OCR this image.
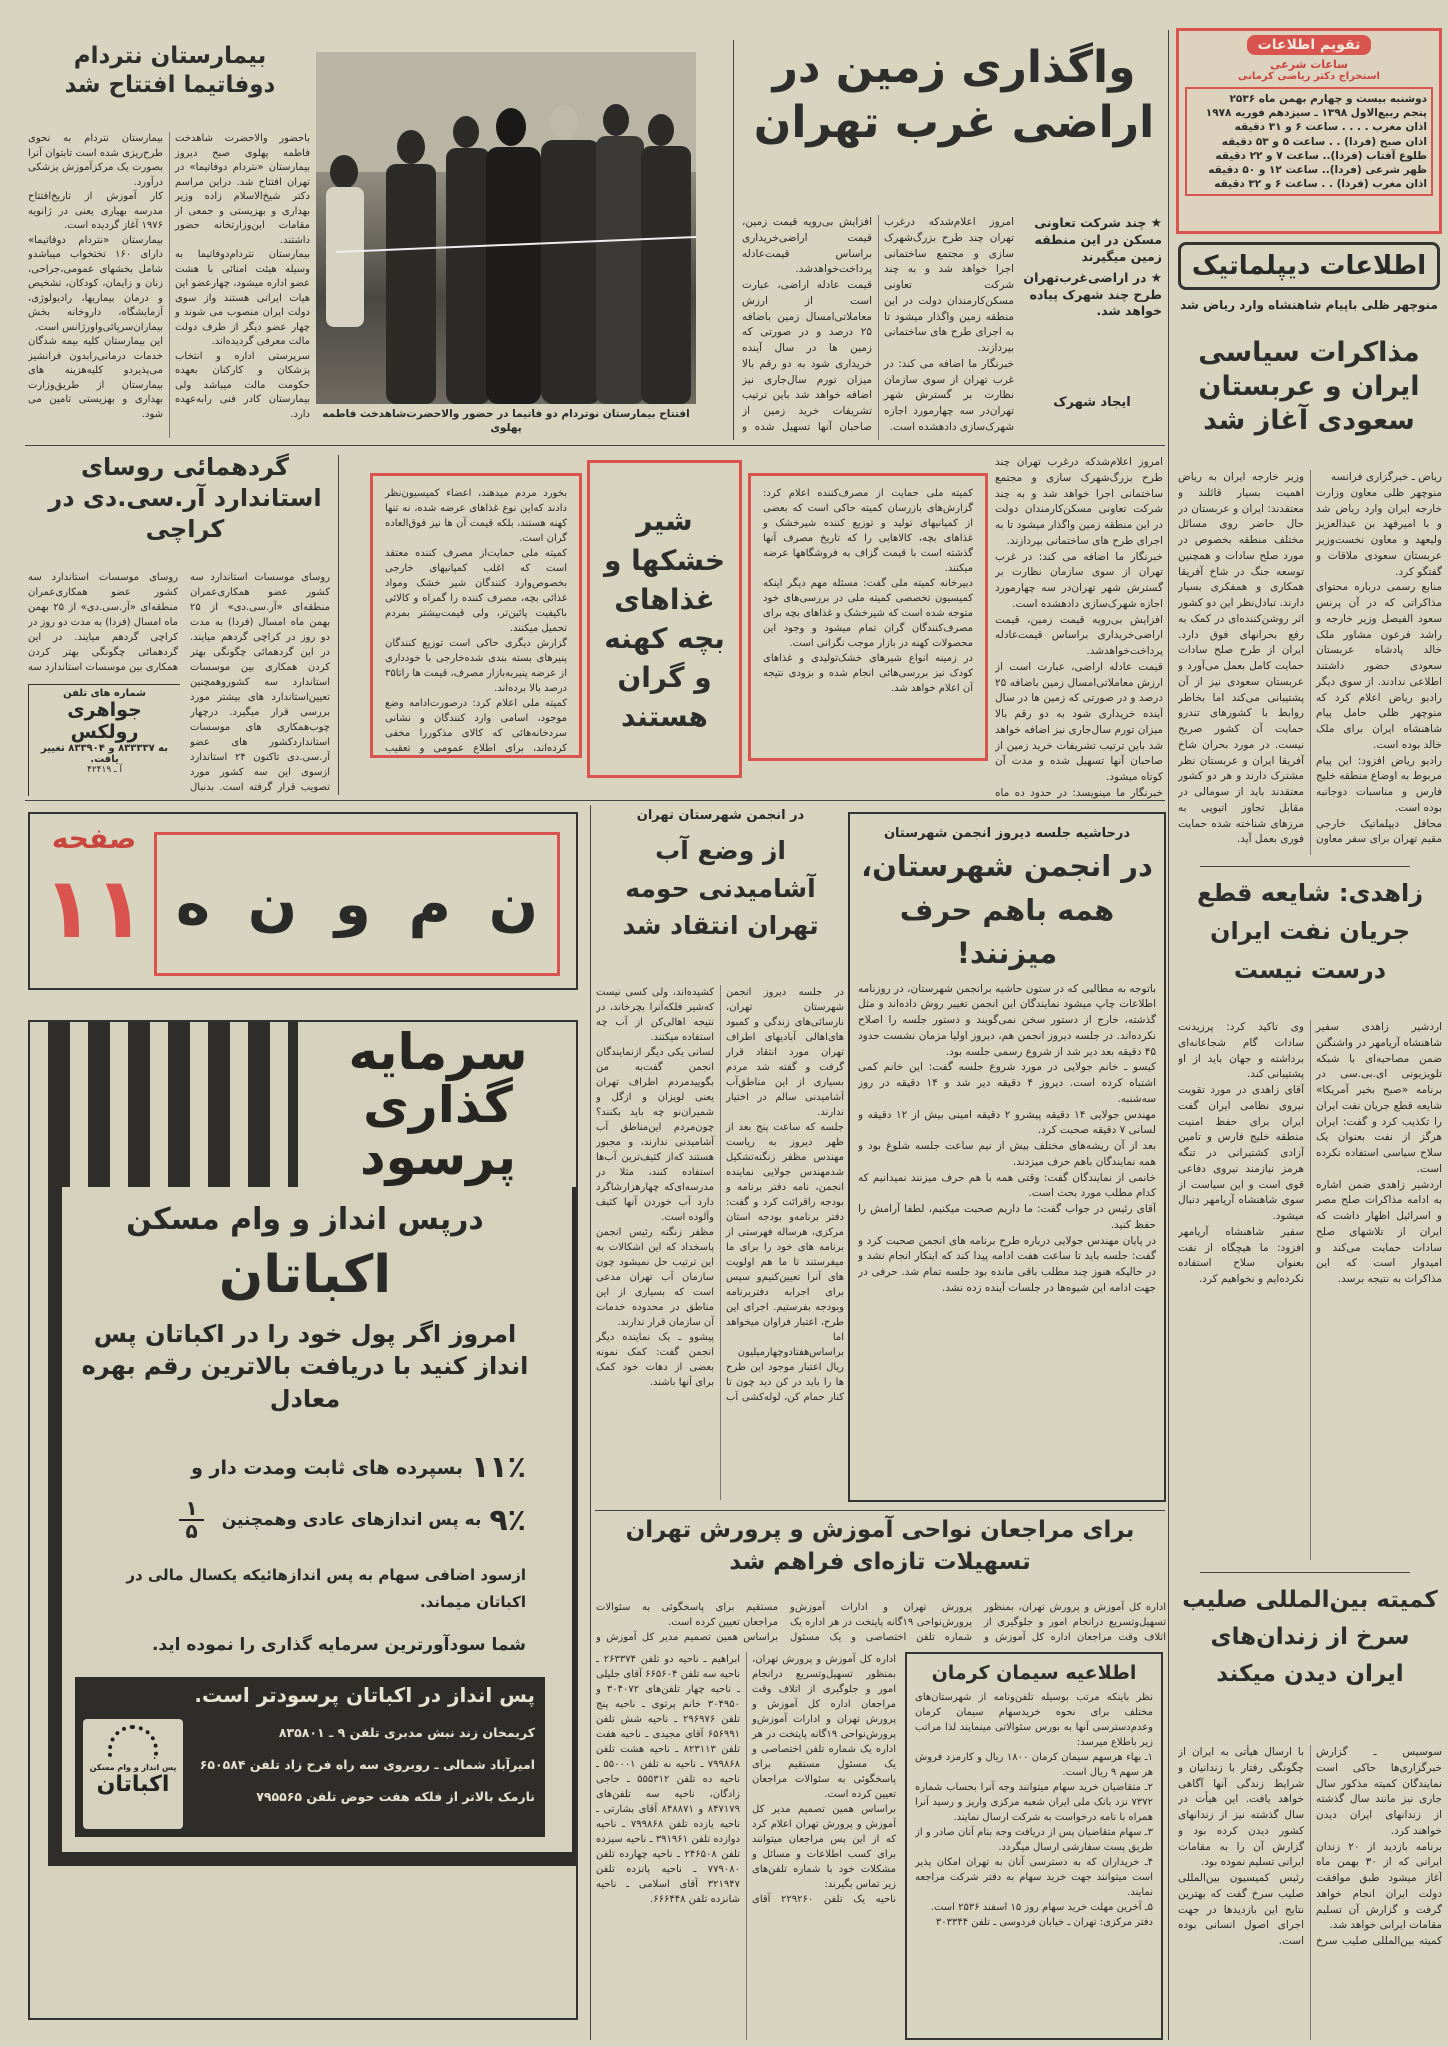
تقویم اطلاعات
ساعات شرعی
استخراج دکتر ریاضی کرمانی
دوشنبه بیست و چهارم بهمن ماه ۲۵۳۶
پنجم ربیع‌الاول ۱۳۹۸ ـ سیزدهم فوریه ۱۹۷۸
اذان مغرب . . . . ساعت ۶ و ۳۱ دقیقه
اذان صبح (فردا) . . ساعت ۵ و ۵۳ دقیقه
طلوع آفتاب (فردا).. ساعت ۷ و ۲۲ دقیقه
ظهر شرعی (فردا).. ساعت ۱۲ و ۵۰ دقیقه
اذان مغرب (فردا) . . ساعت ۶ و ۳۲ دقیقه
اطلاعات دیپلماتیک
منوچهر ظلی باپیام شاهنشاه وارد ریاض شد
مذاکرات سیاسی ایران و عربستان سعودی آغاز شد
ریاض ـ خبرگزاری فرانسه
منوچهر ظلی معاون وزارت خارجه ایران وارد ریاض شد و با امیرفهد بن عبدالعزیز ولیعهد و معاون نخست‌وزیر عربستان سعودی ملاقات و گفتگو کرد.
منابع رسمی درباره محتوای مذاکراتی که در آن پرنس سعود الفیصل وزیر خارجه و راشد فرعون مشاور ملک خالد پادشاه عربستان سعودی حضور داشتند اطلاعی ندادند. از سوی دیگر رادیو ریاض اعلام کرد که منوچهر ظلی حامل پیام شاهنشاه ایران برای ملک خالد بوده است.
رادیو ریاض افزود: این پیام مربوط به اوضاع منطقه خلیج فارس و مناسبات دوجانبه بوده است.
محافل دیپلماتیک خارجی مقیم تهران برای سفر معاون وزیر خارجه ایران به ریاض اهمیت بسیار قائلند و معتقدند: ایران و عربستان در حال حاضر روی مسائل مختلف منطقه بخصوص در مورد صلح سادات و همچنین توسعه جنگ در شاخ آفریقا همکاری و همفکری بسیار دارند. تبادل‌نظر این دو کشور اثر روشن‌کننده‌ای در کمک به رفع بحرانهای فوق دارد. ایران از طرح صلح سادات حمایت کامل بعمل می‌آورد و عربستان سعودی نیز از آن پشتیبانی می‌کند اما بخاطر روابط با کشورهای تندرو حمایت آن کشور صریح نیست. در مورد بحران شاخ آفریقا ایران و عربستان نظر مشترک دارند و هر دو کشور معتقدند باید از سومالی در مقابل تجاوز اتیوپی به مرزهای شناخته شده حمایت فوری بعمل آید.

زاهدی: شایعه قطع جریان نفت ایران درست نیست
اردشیر زاهدی سفیر شاهنشاه آریامهر در واشنگتن ضمن مصاحبه‌ای با شبکه تلویزیونی ای.بی.سی در برنامه «صبح بخیر آمریکا» شایعه قطع جریان نفت ایران را تکذیب کرد و گفت: ایران هرگز از نفت بعنوان یک سلاح سیاسی استفاده نکرده است.
اردشیر زاهدی ضمن اشاره به ادامه مذاکرات صلح مصر و اسرائیل اظهار داشت که ایران از تلاشهای صلح سادات حمایت می‌کند و امیدوار است که این مذاکرات به نتیجه برسد.
وی تاکید کرد: پرزیدنت سادات گام شجاعانه‌ای برداشته و جهان باید از او پشتیبانی کند.
آقای زاهدی در مورد تقویت نیروی نظامی ایران گفت ایران برای حفظ امنیت منطقه خلیج فارس و تامین آزادی کشتیرانی در تنگه هرمز نیازمند نیروی دفاعی قوی است و این سیاست از سوی شاهنشاه آریامهر دنبال میشود.
سفیر شاهنشاه آریامهر افزود: ما هیچگاه از نفت بعنوان سلاح استفاده نکرده‌ایم و نخواهیم کرد.
کمیته بین‌المللی صلیب سرخ از زندان‌های ایران دیدن میکند
سوسیس ـ گزارش خبرگزاری‌ها حاکی است نمایندگان کمیته مذکور سال جاری نیز مانند سال گذشته از زندانهای ایران دیدن خواهند کرد.
برنامه بازدید از ۲۰ زندان ایرانی که از ۳۰ بهمن ماه آغاز میشود طبق موافقت دولت ایران انجام خواهد گرفت و گزارش آن تسلیم مقامات ایرانی خواهد شد.
کمیته بین‌المللی صلیب سرخ با ارسال هیأتی به ایران از چگونگی رفتار با زندانیان و شرایط زندگی آنها آگاهی خواهد یافت. این هیأت در سال گذشته نیز از زندانهای کشور دیدن کرده بود و گزارش آن را به مقامات ایرانی تسلیم نموده بود.
رئیس کمیسیون بین‌المللی صلیب سرخ گفت که بهترین نتایج این بازدیدها در جهت اجرای اصول انسانی بوده است.
بیمارستان نتردام دوفاتیما افتتاح شد
باحضور والاحضرت شاهدخت فاطمه پهلوی صبح دیروز بیمارستان «نتردام دوفاتیما» در تهران افتتاح شد. دراین مراسم دکتر شیخ‌الاسلام زاده وزیر بهداری و بهزیستی و جمعی از مقامات این‌وزارتخانه حضور داشتند.
بیمارستان نتردام‌دوفاتیما به وسیله هیئت امنائی با هشت عضو اداره میشود، چهارعضو این هیات ایرانی هستند واز سوی دولت ایران منصوب می شوند و چهار عضو دیگر از طرف دولت مالت معرفی گردیده‌اند.
سرپرستی اداره و انتخاب پزشکان و کارکنان بعهده حکومت مالت میباشد ولی بیمارستان کادر فنی رابه‌عهده دارد.
بیمارستان نتردام به نحوی طرح‌ریزی شده است تابتوان آنرا بصورت یک مرکزآموزش پزشکی درآورد.
کار آموزش از تاریخ‌افتتاح مدرسه بهیاری یعنی در ژانویه ۱۹۷۶ آغاز گردیده است.
بیمارستان «نتردام دوفاتیما» دارای ۱۶۰ تختخواب میباشدو شامل بخشهای عمومی،جراحی، زنان و زایمان، کودکان، تشخیص و درمان بیماریها، رادیولوژی، آزمایشگاه، داروخانه بخش بیماران‌سرپائی‌واورژانس است.
این بیمارستان کلیه بیمه شدگان خدمات درمانی‌رابدون فرانشیز می‌پذیردو کلیه‌هزینه های بیمارستان از طریق‌وزارت بهداری و بهزیستی تامین می شود.	افتتاح بیمارستان نوتردام دو فاتیما در حضور والاحضرت‌شاهدخت فاطمه پهلوی
واگذاری زمین در اراضی غرب تهران
★ چند شرکت تعاونی مسکن در این منطقه زمین میگیرند
★ در اراضی‌غرب‌تهران طرح چند شهرک پیاده خواهد شد.
ایجاد شهرک
امروز اعلام‌شدکه درغرب تهران چند طرح بزرگ‌شهرک سازی و مجتمع ساختمانی اجرا خواهد شد و به چند شرکت تعاونی مسکن‌کارمندان دولت در این منطقه زمین واگذار میشود تا به اجرای طرح های ساختمانی بپردازند.
خبرنگار ما اضافه می کند: در غرب تهران از سوی سازمان نظارت بر گسترش شهر تهران‌در سه چهارمورد اجازه شهرک‌سازی دادهشده است.
افزایش بی‌رویه قیمت زمین، قیمت اراضی‌خریداری براساس قیمت‌عادله پرداخت‌خواهدشد.
قیمت عادله اراضی، عبارت است از ارزش معاملاتی‌امسال زمین باضافه ۲۵ درصد و در صورتی که زمین ها در سال آینده خریداری شود به دو رقم بالا میزان تورم سال‌جاری نیز اضافه خواهد شد باین ترتیب تشریفات خرید زمین از صاحبان آنها تسهیل شده و

امروز اعلام‌شدکه درغرب تهران چند طرح بزرگ‌شهرک سازی و مجتمع ساختمانی اجرا خواهد شد و به چند شرکت تعاونی مسکن‌کارمندان دولت در این منطقه زمین واگذار میشود تا به اجرای طرح های ساختمانی بپردازند.
خبرنگار ما اضافه می کند: در غرب تهران از سوی سازمان نظارت بر گسترش شهر تهران‌در سه چهارمورد اجازه شهرک‌سازی دادهشده است.
افزایش بی‌رویه قیمت زمین، قیمت اراضی‌خریداری براساس قیمت‌عادله پرداخت‌خواهدشد.
قیمت عادله اراضی، عبارت است از ارزش معاملاتی‌امسال زمین باضافه ۲۵ درصد و در صورتی که زمین ها در سال آینده خریداری شود به دو رقم بالا میزان تورم سال‌جاری نیز اضافه خواهد شد باین ترتیب تشریفات خرید زمین از صاحبان آنها تسهیل شده و مدت آن کوتاه میشود.
خبرنگار ما مینویسد: در حدود ده ماه

گردهمائی روسای استاندارد آر.سی.دی در کراچی
روسای موسسات استاندارد سه کشور عضو همکاری‌عمران منطقه‌ای «آر.سی.دی» از ۲۵ بهمن ماه امسال (فردا) به مدت دو روز در کراچی گردهم میایند. در این گردهمائی چگونگی بهتر کردن همکاری بین موسسات استاندارد سه کشوروهمچنین تعیین‌استاندارد های بیشتر مورد بررسی قرار میگیرد. درچهار چوب‌همکاری های موسسات استانداردکشور های عضو آر.سی.دی تاکنون ۲۴ استاندارد ازسوی این سه کشور مورد تصویب قرار گرفته است. بدنبال
روسای موسسات استاندارد سه کشور عضو همکاری‌عمران منطقه‌ای «آر.سی.دی» از ۲۵ بهمن ماه امسال (فردا) به مدت دو روز در کراچی گردهم میایند. در این گردهمائی چگونگی بهتر کردن همکاری بین موسسات استاندارد سه
شماره های تلفن
جواهری رولکس
به ۸۳۳۳۳۷ و ۸۳۳۹۰۴ تغییر یافت.
آ ـ ۴۲۴۱۹
بخورد مردم میدهند، اعضاء کمیسیون‌نظر دادند که‌این نوع غذاهای عرضه شده، نه تنها کهنه هستند، بلکه قیمت آن ها نیز فوق‌العاده گران است.
کمیته ملی حمایت‌از مصرف کننده معتقد است که اغلب کمپانیهای خارجی بخصوص‌وارد کنندگان شیر خشک ومواد غذائی بچه، مصرف کننده را گمراه و کالائی باکیفیت پائین‌تر، ولی قیمت‌بیشتر بمردم تحمیل میکنند.
گزارش دیگری حاکی است توزیع کنندگان پنیرهای بسته بندی شده‌خارجی با خودداری از عرضه پنیربه‌بازار مصرف، قیمت ها راتا۳۵ درصد بالا برده‌اند.
کمیته ملی اعلام کرد: درصورت‌ادامه وضع موجود، اسامی وارد کنندگان و نشانی سردخانه‌هائی که کالای مذکوررا مخفی کرده‌اند، برای اطلاع عمومی و تعقیب
شیر خشکها و غذاهای بچه کهنه و گران هستند
کمیته ملی حمایت از مصرف‌کننده اعلام کرد: گزارش‌های بازرسان کمیته حاکی است که بعضی از کمپانیهای تولید و توزیع کننده شیرخشک و غذاهای بچه، کالاهایی را که تاریخ مصرف آنها گذشته است با قیمت گزاف به فروشگاهها عرضه میکنند.
دبیرخانه کمیته ملی گفت: مسئله مهم دیگر اینکه کمیسیون تخصصی کمیته ملی در بررسی‌های خود متوجه شده است که شیرخشک و غذاهای بچه برای مصرف‌کنندگان گران تمام میشود و وجود این محصولات کهنه در بازار موجب نگرانی است.
در زمینه انواع شیرهای خشک‌تولیدی و غذاهای کودک نیز بررسی‌هائی انجام شده و بزودی نتیجه آن اعلام خواهد شد.
صفحه
۱۱	ن
م
و
ن
ه
سرمایه گذاری پرسود
درپس انداز و وام مسکن
اکباتان
امروز اگر پول خود را در اکباتان پس انداز کنید با دریافت بالاترین رقم بهره معادل
۱۱٪
بسپرده های ثابت ومدت دار و
۹٪
به پس اندازهای عادی وهمچنین
۱
۵
ازسود اضافی سهام به پس اندازهائیکه یکسال مالی در اکباتان میماند.
شما سودآورترین سرمایه گذاری را نموده اید.
پس انداز در اکباتان پرسودتر است.
کریمخان زند نبش مدبری تلفن ۹ ـ ۸۳۵۸۰۱
امیرآباد شمالی ـ روبروی سه راه فرح زاد تلفن ۶۵۰۵۸۴
نارمک بالاتر از فلکه هفت حوض تلفن ۷۹۵۵۶۵
پس انداز و وام مسکن
اکباتان
در انجمن شهرستان تهران
از وضع آب آشامیدنی حومه تهران انتقاد شد
در جلسه دیروز انجمن شهرستان تهران، نارسائی‌های زندگی و کمبود های‌اهالی آبادیهای اطراف تهران مورد انتقاد قرار گرفت و گفته شد مردم بسیاری از این مناطق‌آب آشامیدنی سالم در اختیار ندارند.
جلسه که ساعت پنج بعد از ظهر دیروز به ریاست مهندس مظفر زنگنه‌تشکیل شدمهندس جولایی نماینده انجمن، نامه دفتر برنامه و بودجه راقرائت کرد و گفت: دفتر برنامه‌و بودجه استان مرکزی، هرساله فهرستی از برنامه های خود را برای ما میفرستند تا ما هم اولویت های آنرا تعیین‌کنیم‌و سپس برای اجرابه دفتربرنامه وبودجه بفرستیم. اجرای این طرح، اعتبار فراوان میخواهد اما براساس‌هفتادوچهارمیلیون ریال اعتبار موجود این طرح ها را باید در کن دید چون تا کنار حمام کن، لوله‌کشی آب کشیده‌اند، ولی کسی نیست که‌شیر فلکه‌آنرا بچرخاند، در نتیجه اهالی‌کن از آب چه استفاده میکنند.
لسانی یکی دیگر ازنمایندگان انجمن گفت‌به من بگوییدمردم اطراف تهران یعنی لویزان و ازگل و شمیران‌نو چه باید بکنند؟ چون‌مردم این‌مناطق آب آشامیدنی ندارند، و مجبور هستند که‌از کثیف‌ترین آب‌ها استفاده کنند، مثلا در مدرسه‌ای‌که چهارهزارشاگرد دارد آب خوردن آنها کثیف وآلوده است.
مظفر زنگنه رئیس انجمن پاسخداد که این اشکالات به این ترتیب حل نمیشود چون سازمان آب تهران مدعی است که بسیاری از این مناطق در محدوده خدمات آن سازمان قرار ندارند.
پیشوو ـ یک نماینده دیگر انجمن گفت: کمک نمونه بعضی از دهات خود کمک برای آنها باشند.
درحاشیه جلسه دیروز انجمن شهرستان
در انجمن شهرستان، همه باهم حرف میزنند!
باتوجه به مطالبی که در ستون حاشیه برانجمن شهرستان، در روزنامه اطلاعات چاپ میشود نمایندگان این انجمن تغییر روش داده‌اند و مثل گذشته، خارج از دستور سخن نمی‌گویند و دستور جلسه را اصلاح نکرده‌اند. در جلسه دیروز انجمن هم، دیروز اولیا مزمان نشست حدود ۴۵ دقیقه بعد دیر شد از شروع رسمی جلسه بود.
کیسو ـ خانم جولایی در مورد شروع جلسه گفت: این خانم کمی اشتباه کرده است. دیروز ۴ دقیقه دیر شد و ۱۴ دقیقه در روز سه‌شنبه.
مهندس جولایی ۱۴ دقیقه پیشرو ۲ دقیقه امینی بیش از ۱۲ دقیقه و لسانی ۷ دقیقه صحبت کرد.
بعد از آن ریشه‌های مختلف بیش از نیم ساعت جلسه شلوغ بود و همه نمایندگان باهم حرف میزدند.
خانمی از نمایندگان گفت: وقتی همه با هم حرف میزنند نمیدانیم که کدام مطلب مورد بحث است.
آقای رئیس در جواب گفت: ما داریم صحبت میکنیم، لطفا آرامش را حفظ کنید.
در پایان مهندس جولایی درباره طرح برنامه های انجمن صحبت کرد و گفت: جلسه باید تا ساعت هفت ادامه پیدا کند که اینکار انجام نشد و در حالیکه هنوز چند مطلب باقی مانده بود جلسه تمام شد. حرفی در جهت ادامه این شیوه‌ها در جلسات آینده زده نشد.
برای مراجعان نواحی آموزش و پرورش تهران تسهیلات تازه‌ای فراهم شد
اداره کل آموزش و پرورش تهران، بمنظور تسهیل‌وتسریع درانجام امور و جلوگیری از اتلاف وقت مراجعان اداره کل آموزش و پرورش تهران و ادارات آموزش‌و پرورش‌نواحی ۱۹گانه پایتخت در هر اداره یک شماره تلفن اختصاصی و یک مسئول مستقیم برای پاسخگوئی به سئوالات مراجعان تعیین کرده است.
براساس همین تصمیم مدیر کل آموزش و

اداره کل آموزش و پرورش تهران، بمنظور تسهیل‌وتسریع درانجام امور و جلوگیری از اتلاف وقت مراجعان اداره کل آموزش و پرورش تهران و ادارات آموزش‌و پرورش‌نواحی ۱۹گانه پایتخت در هر اداره یک شماره تلفن اختصاصی و یک مسئول مستقیم برای پاسخگوئی به سئوالات مراجعان تعیین کرده است.
براساس همین تصمیم مدیر کل آموزش و پرورش تهران اعلام کرد که از این پس مراجعان میتوانند برای کسب اطلاعات و مسائل و مشکلات خود با شماره تلفن‌های زیر تماس بگیرند:
ناحیه یک تلفن ۲۲۹۲۶۰ آقای ابراهیم ـ ناحیه دو تلفن ۲۶۳۳۷۴ ـ ناحیه سه تلفن ۶۶۵۶۰۴ آقای جلیلی ـ ناحیه چهار تلفن‌های ۳۰۴۰۷۲ و ۳۰۴۹۵۰ خانم پرتوی ـ ناحیه پنج تلفن ۲۹۶۹۷۶ ـ ناحیه شش تلفن ۶۵۶۹۹۱ آقای مجیدی ـ ناحیه هفت تلفن ۸۲۳۱۱۳ ـ ناحیه هشت تلفن ۷۹۹۸۶۸ ـ ناحیه نه تلفن ۵۵۰۰۰۱ ـ ناحیه ده تلفن ۵۵۵۳۱۲ ـ حاجی زادگان، ناحیه سه تلفن‌های ۸۴۷۱۷۹ و ۸۴۸۸۷۱ آقای بشارتی ـ ناحیه یازده تلفن ۷۹۹۸۶۸ ـ ناحیه دوازده تلفن ۳۹۱۹۶۱ ـ ناحیه سیزده تلفن ۲۴۶۵۰۸ ـ ناحیه چهارده تلفن ۷۷۹۰۸۰ ـ ناحیه پانزده تلفن ۳۲۱۹۴۷ آقای اسلامی ـ ناحیه شانزده تلفن ۶۶۶۴۴۸.
اطلاعیه سیمان کرمان
نظر باینکه مرتب بوسیله تلفن‌ونامه از شهرستان‌های مختلف برای نحوه خریدسهام سیمان کرمان وعدم‌دسترسی آنها به بورس سئوالاتی مینمایند لذا مراتب زیر باطلاع میرسد:
۱ـ بهاء هرسهم سیمان کرمان ۱۸۰۰ ریال و کارمزد فروش هر سهم ۹ ریال است.
۲ـ متقاضیان خرید سهام میتوانند وجه آنرا بحساب شماره ۷۳۷۲ نزد بانک ملی ایران شعبه مرکزی واریز و رسید آنرا همراه با نامه درخواست به شرکت ارسال نمایند.
۳ـ سهام متقاضیان پس از دریافت وجه بنام آنان صادر و از طریق پست سفارشی ارسال میگردد.
۴ـ خریداران که به دسترسی آنان به تهران امکان پذیر است میتوانند جهت خرید سهام به دفتر شرکت مراجعه نمایند.
۵ـ آخرین مهلت خرید سهام روز ۱۵ اسفند ۲۵۳۶ است.
دفتر مرکزی: تهران ـ خیابان فردوسی ـ تلفن ۳۰۳۳۴۴
